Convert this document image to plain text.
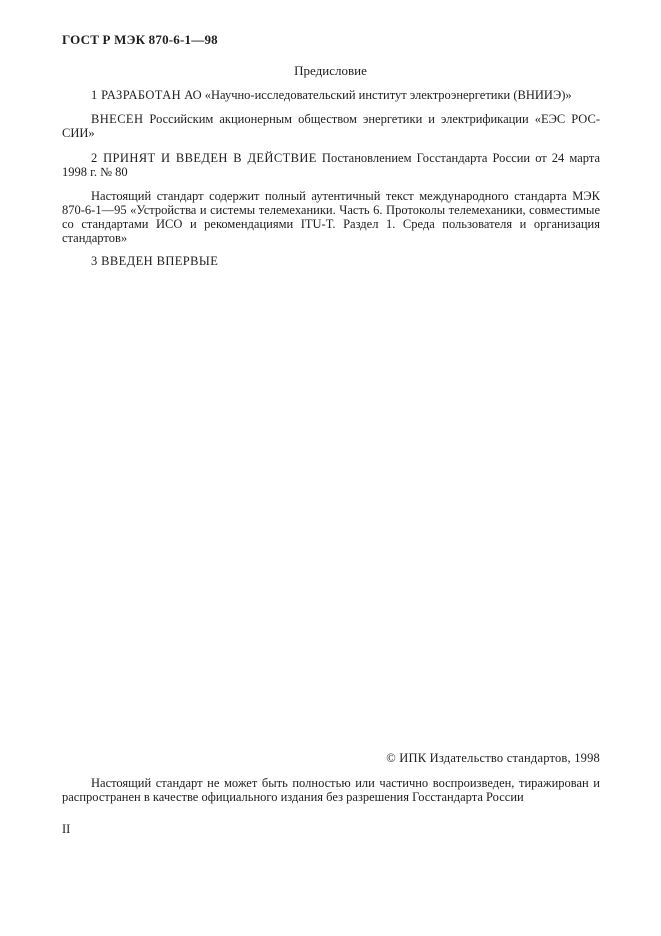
ГОСТ Р МЭК 870-6-1—98
Предисловие
1 РАЗРАБОТАН АО «Научно-исследовательский институт электроэнергетики (ВНИИЭ)»
ВНЕСЕН Российским акционерным обществом энергетики и электрификации «ЕЭС РОС-СИИ»
2 ПРИНЯТ И ВВЕДЕН В ДЕЙСТВИЕ Постановлением Госстандарта России от 24 марта 1998 г. № 80
Настоящий стандарт содержит полный аутентичный текст международного стандарта МЭК 870-6-1—95 «Устройства и системы телемеханики. Часть 6. Протоколы телемеханики, совместимые со стандартами ИСО и рекомендациями ITU-T. Раздел 1. Среда пользователя и организация стандартов»
3 ВВЕДЕН ВПЕРВЫЕ
© ИПК Издательство стандартов, 1998
Настоящий стандарт не может быть полностью или частично воспроизведен, тиражирован и распространен в качестве официального издания без разрешения Госстандарта России
II
